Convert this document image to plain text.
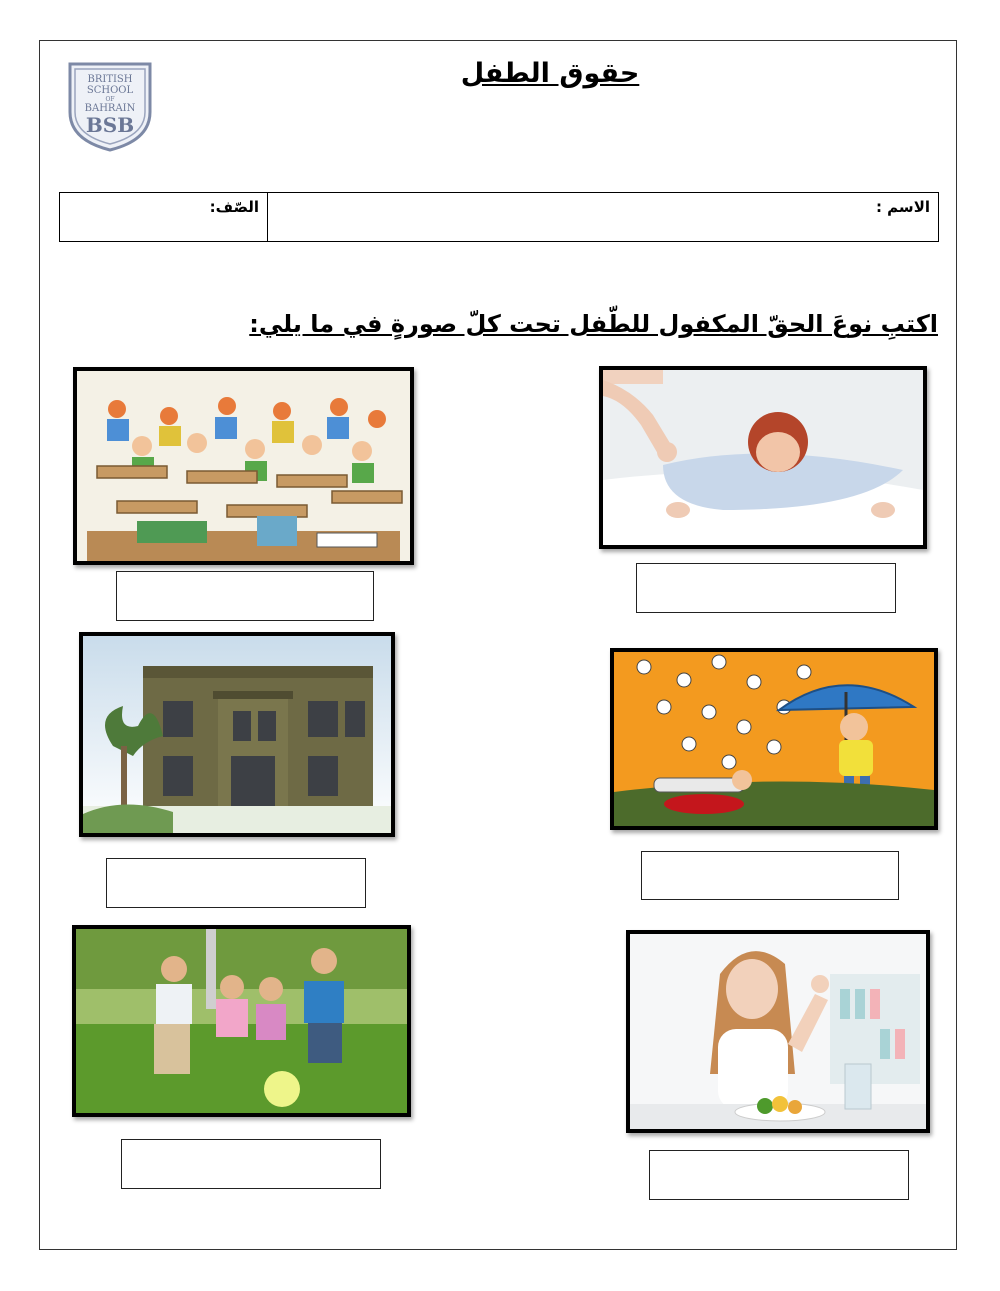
BRITISH
SCHOOL
OF
BAHRAIN
BSB
حقوق الطفل
الصّف:	الاسم :
اكتبِ نوعَ الحقّ المكفول للطّفل تحت كلّ صورةٍ في ما يلي:
